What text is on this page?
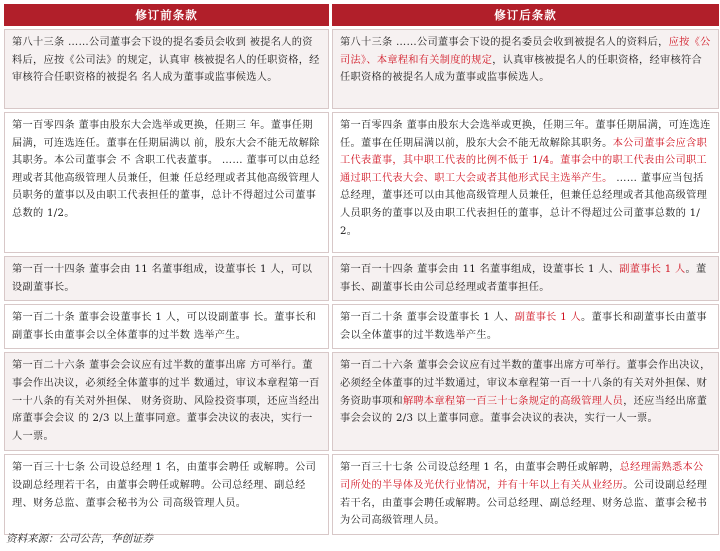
修订前条款	修订后条款
第八十三条 ……公司董事会下设的提名委员会收到 被提名人的资料后，应按《公司法》的规定，认真审 核被提名人的任职资格，经审核符合任职资格的被提名 名人成为董事或监事候选人。	第八十三条 ……公司董事会下设的提名委员会收到被提名人的资料后，应按《公司法》、本章程和有关制度的规定，认真审核被提名人的任职资格，经审核符合任职资格的被提名人成为董事或监事候选人。
第一百零四条 董事由股东大会选举或更换，任期三 年。董事任期届满，可连选连任。董事在任期届满以 前，股东大会不能无故解除其职务。本公司董事会 不 含职工代表董事。 …… 董事可以由总经理或者其他高级管理人员兼任，但兼 任总经理或者其他高级管理人员职务的董事以及由职工代表担任的董事，总计不得超过公司董事总数的 1/2。	第一百零四条 董事由股东大会选举或更换，任期三年。董事任期届满，可连选连任。董事在任期届满以前，股东大会不能无故解除其职务。本公司董事会应含职工代表董事，其中职工代表的比例不低于 1/4。董事会中的职工代表由公司职工通过职工代表大会、职工大会或者其他形式民主选举产生。 …… 董事应当包括总经理，董事还可以由其他高级管理人员兼任，但兼任总经理或者其他高级管理人员职务的董事以及由职工代表担任的董事，总计不得超过公司董事总数的 1/2。
第一百一十四条 董事会由 11 名董事组成，设董事长 1 人，可以设副董事长。	第一百一十四条 董事会由 11 名董事组成，设董事长 1 人、副董事长 1 人。董事长、副董事长由公司总经理或者董事担任。
第一百二十条 董事会设董事长 1 人，可以设副董事 长。董事长和副董事长由董事会以全体董事的过半数 选举产生。	第一百二十条 董事会设董事长 1 人、副董事长 1 人。董事长和副董事长由董事会以全体董事的过半数选举产生。
第一百二十六条 董事会会议应有过半数的董事出席 方可举行。董事会作出决议，必须经全体董事的过半 数通过，审议本章程第一百一十八条的有关对外担保、 财务资助、风险投资事项，还应当经出席董事会会议 的 2/3 以上董事同意。董事会决议的表决，实行一人一票。	第一百二十六条 董事会会议应有过半数的董事出席方可举行。董事会作出决议，必须经全体董事的过半数通过，审议本章程第一百一十八条的有关对外担保、财务资助事项和解聘本章程第一百三十七条规定的高级管理人员，还应当经出席董事会会议的 2/3 以上董事同意。董事会决议的表决，实行一人一票。
第一百三十七条 公司设总经理 1 名，由董事会聘任 或解聘。公司设副总经理若干名，由董事会聘任或解聘。公司总经理、副总经理、财务总监、董事会秘书为公 司高级管理人员。	第一百三十七条 公司设总经理 1 名，由董事会聘任或解聘，总经理需熟悉本公司所处的半导体及光伏行业情况，并有十年以上有关从业经历。公司设副总经理若干名，由董事会聘任或解聘。公司总经理、副总经理、财务总监、董事会秘书为公司高级管理人员。
资料来源：公司公告，华创证券
